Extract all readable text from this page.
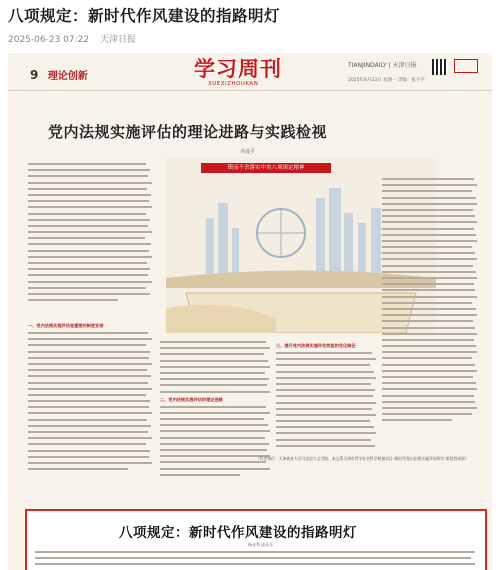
八项规定：新时代作风建设的指路明灯
2025-06-23 07:22 天津日报
9 理论创新	学习周刊
XUEXIZHOUKAN
TIANJINDAILY | 天津日报
2025年6月23日 星期一 责编：张宇平
党内法规实施评估的理论进路与实践检视
齐晨平
锲而不舍落实中央八项规定精神
一、党内法规实施评估是重要的制度安排
二、党内法规实施评估的理论进路
三、提升党内法规实施评估效能的优化路径
（作者单位：天津商业大学马克思主义学院，本文系天津市哲学社会科学规划项目“新时代党内法规实施评估研究”阶段性成果）
八项规定：新时代作风建设的指路明灯
杨永利 高乐乐
